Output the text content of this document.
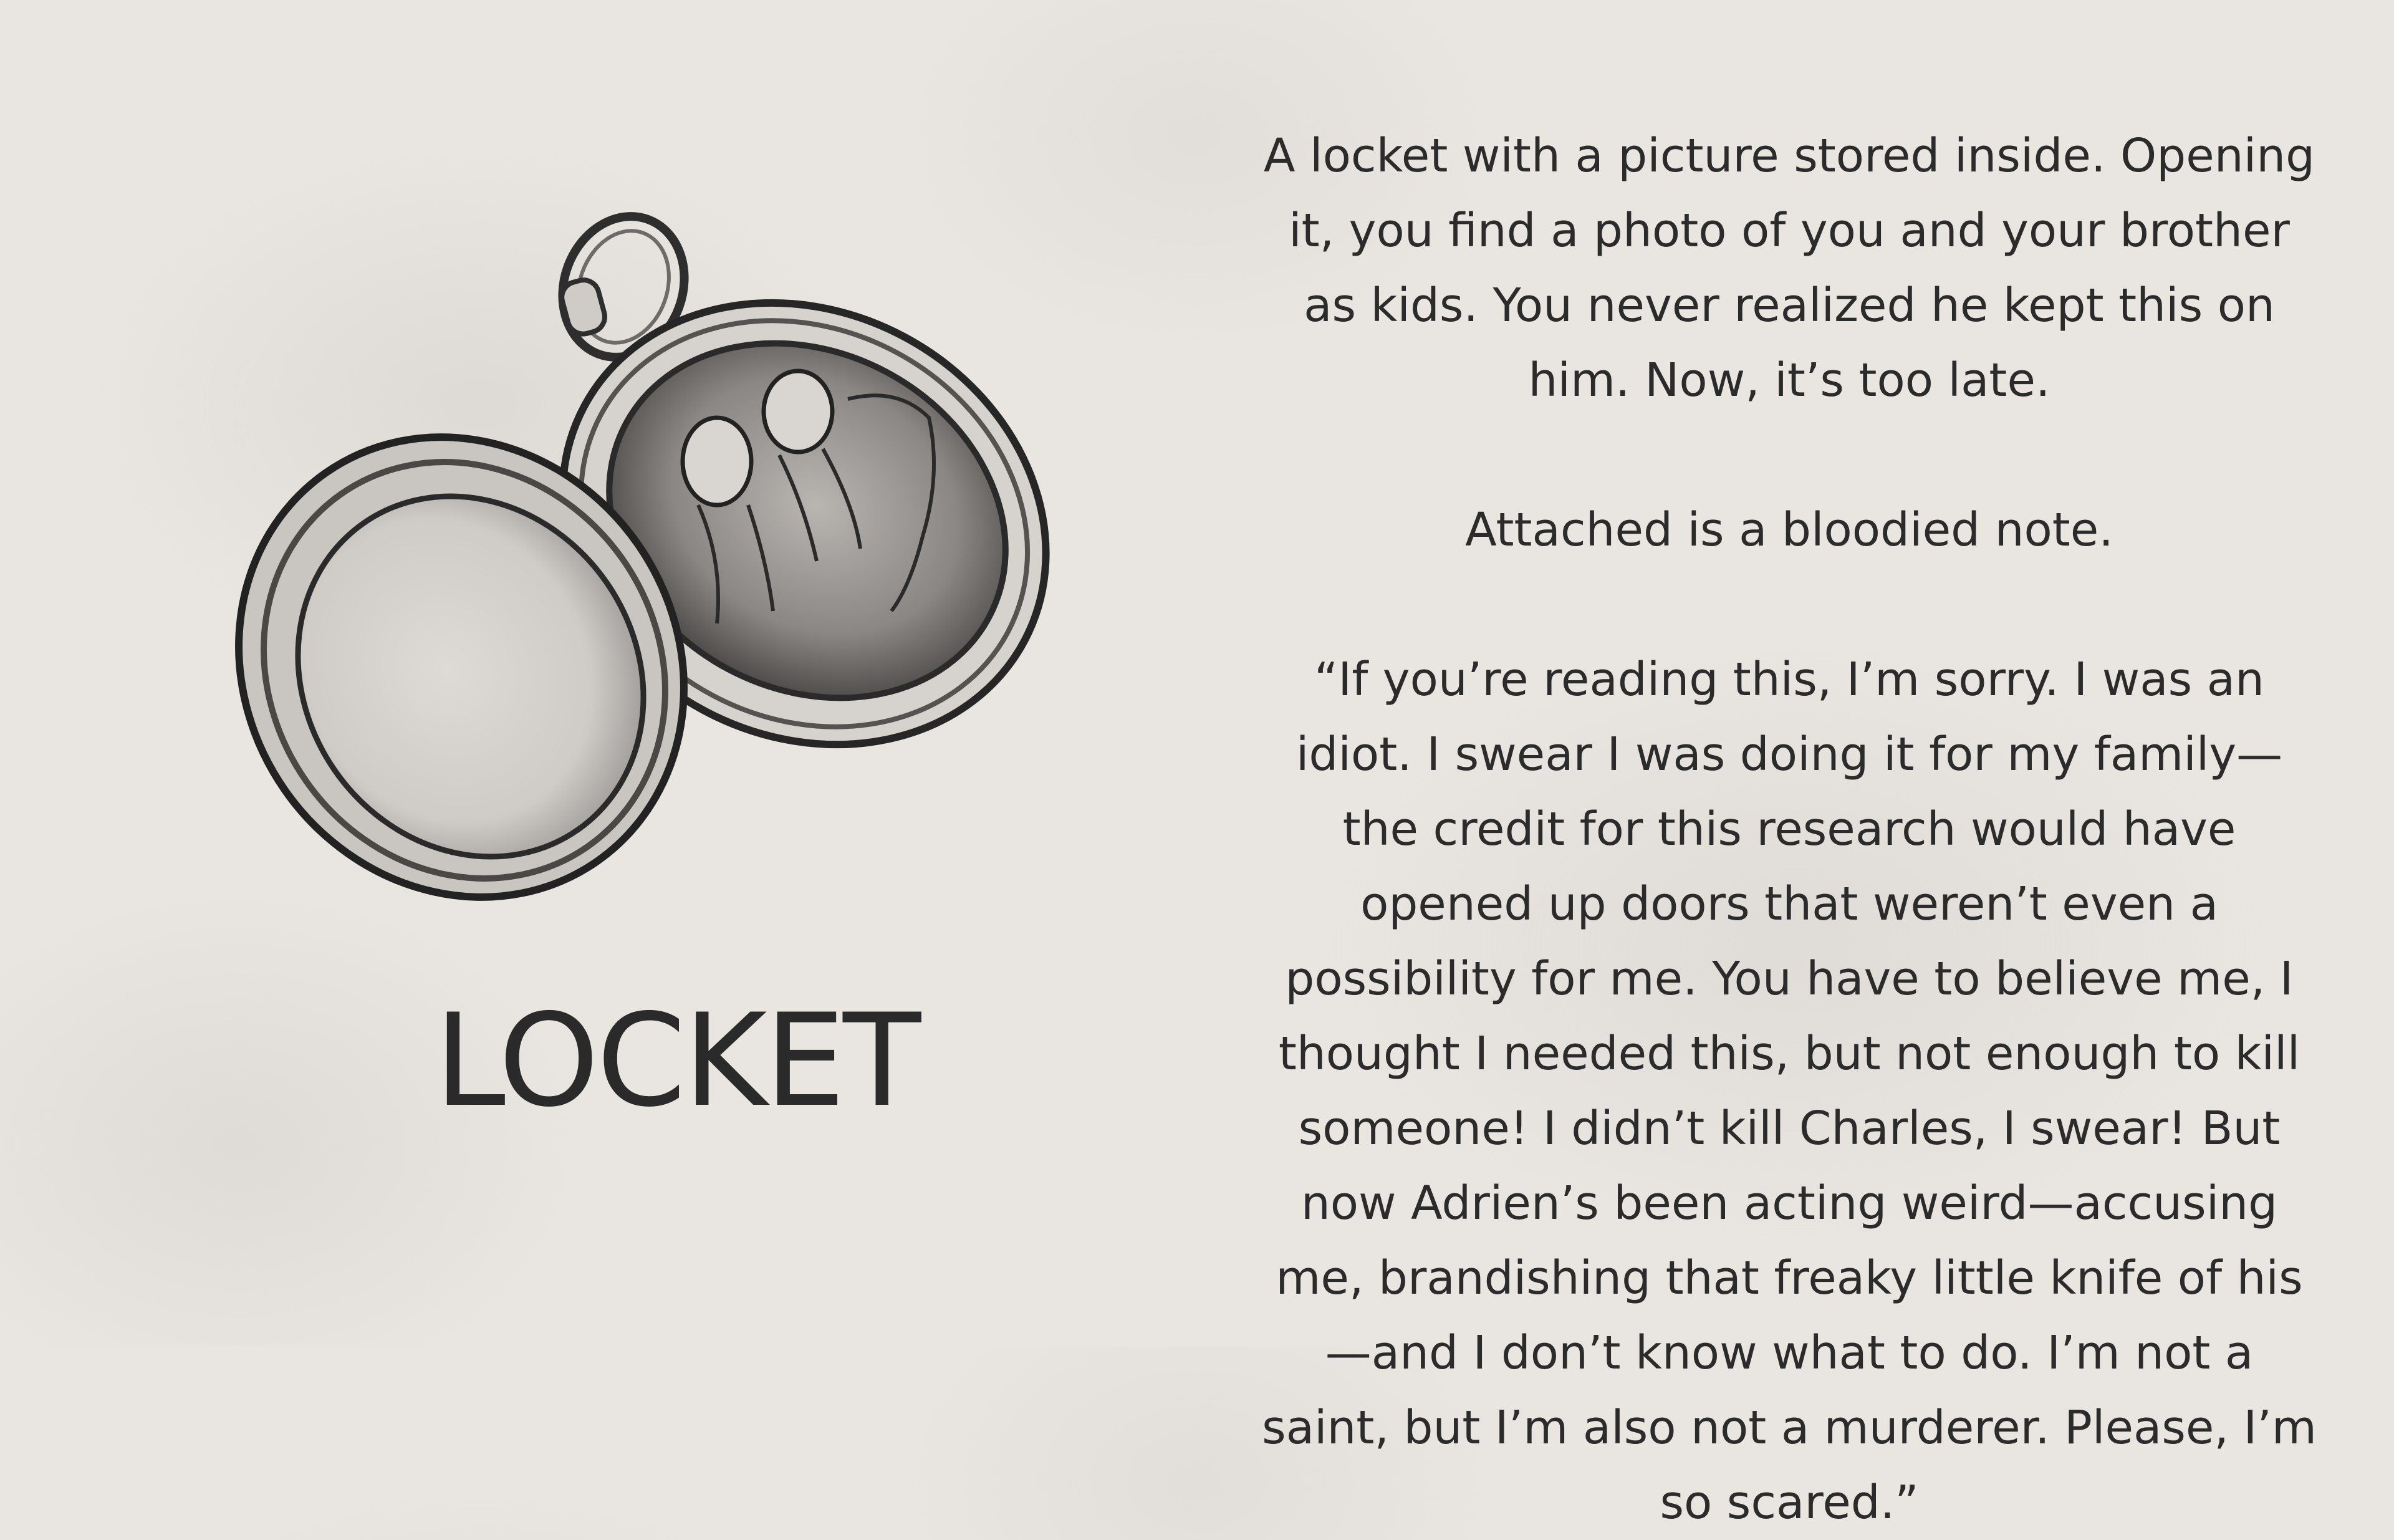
LOCKET

A locket with a picture stored inside. Opening it, you find a photo of you and your brother as kids. You never realized he kept this on him. Now, it’s too late.

Attached is a bloodied note.

“If you’re reading this, I’m sorry. I was an idiot. I swear I was doing it for my family—the credit for this research would have opened up doors that weren’t even a possibility for me. You have to believe me, I thought I needed this, but not enough to kill someone! I didn’t kill Charles, I swear! But now Adrien’s been acting weird—accusing me, brandishing that freaky little knife of his—and I don’t know what to do. I’m not a saint, but I’m also not a murderer. Please, I’m so scared.”
